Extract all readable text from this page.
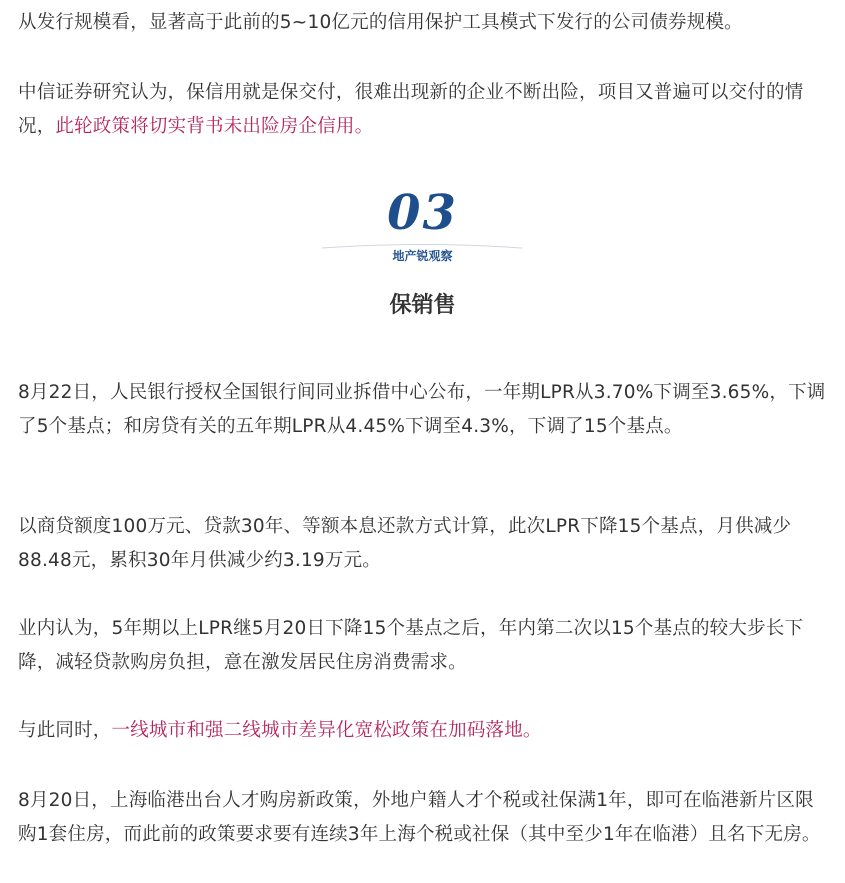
从发行规模看，显著高于此前的5~10亿元的信用保护工具模式下发行的公司债券规模。

中信证券研究认为，保信用就是保交付，很难出现新的企业不断出险，项目又普遍可以交付的情况，此轮政策将切实背书未出险房企信用。

03
地产锐观察
保销售

8月22日，人民银行授权全国银行间同业拆借中心公布，一年期LPR从3.70%下调至3.65%，下调了5个基点；和房贷有关的五年期LPR从4.45%下调至4.3%，下调了15个基点。

以商贷额度100万元、贷款30年、等额本息还款方式计算，此次LPR下降15个基点，月供减少88.48元，累积30年月供减少约3.19万元。

业内认为，5年期以上LPR继5月20日下降15个基点之后，年内第二次以15个基点的较大步长下降，减轻贷款购房负担，意在激发居民住房消费需求。

与此同时，一线城市和强二线城市差异化宽松政策在加码落地。

8月20日，上海临港出台人才购房新政策，外地户籍人才个税或社保满1年，即可在临港新片区限购1套住房，而此前的政策要求要有连续3年上海个税或社保（其中至少1年在临港）且名下无房。
